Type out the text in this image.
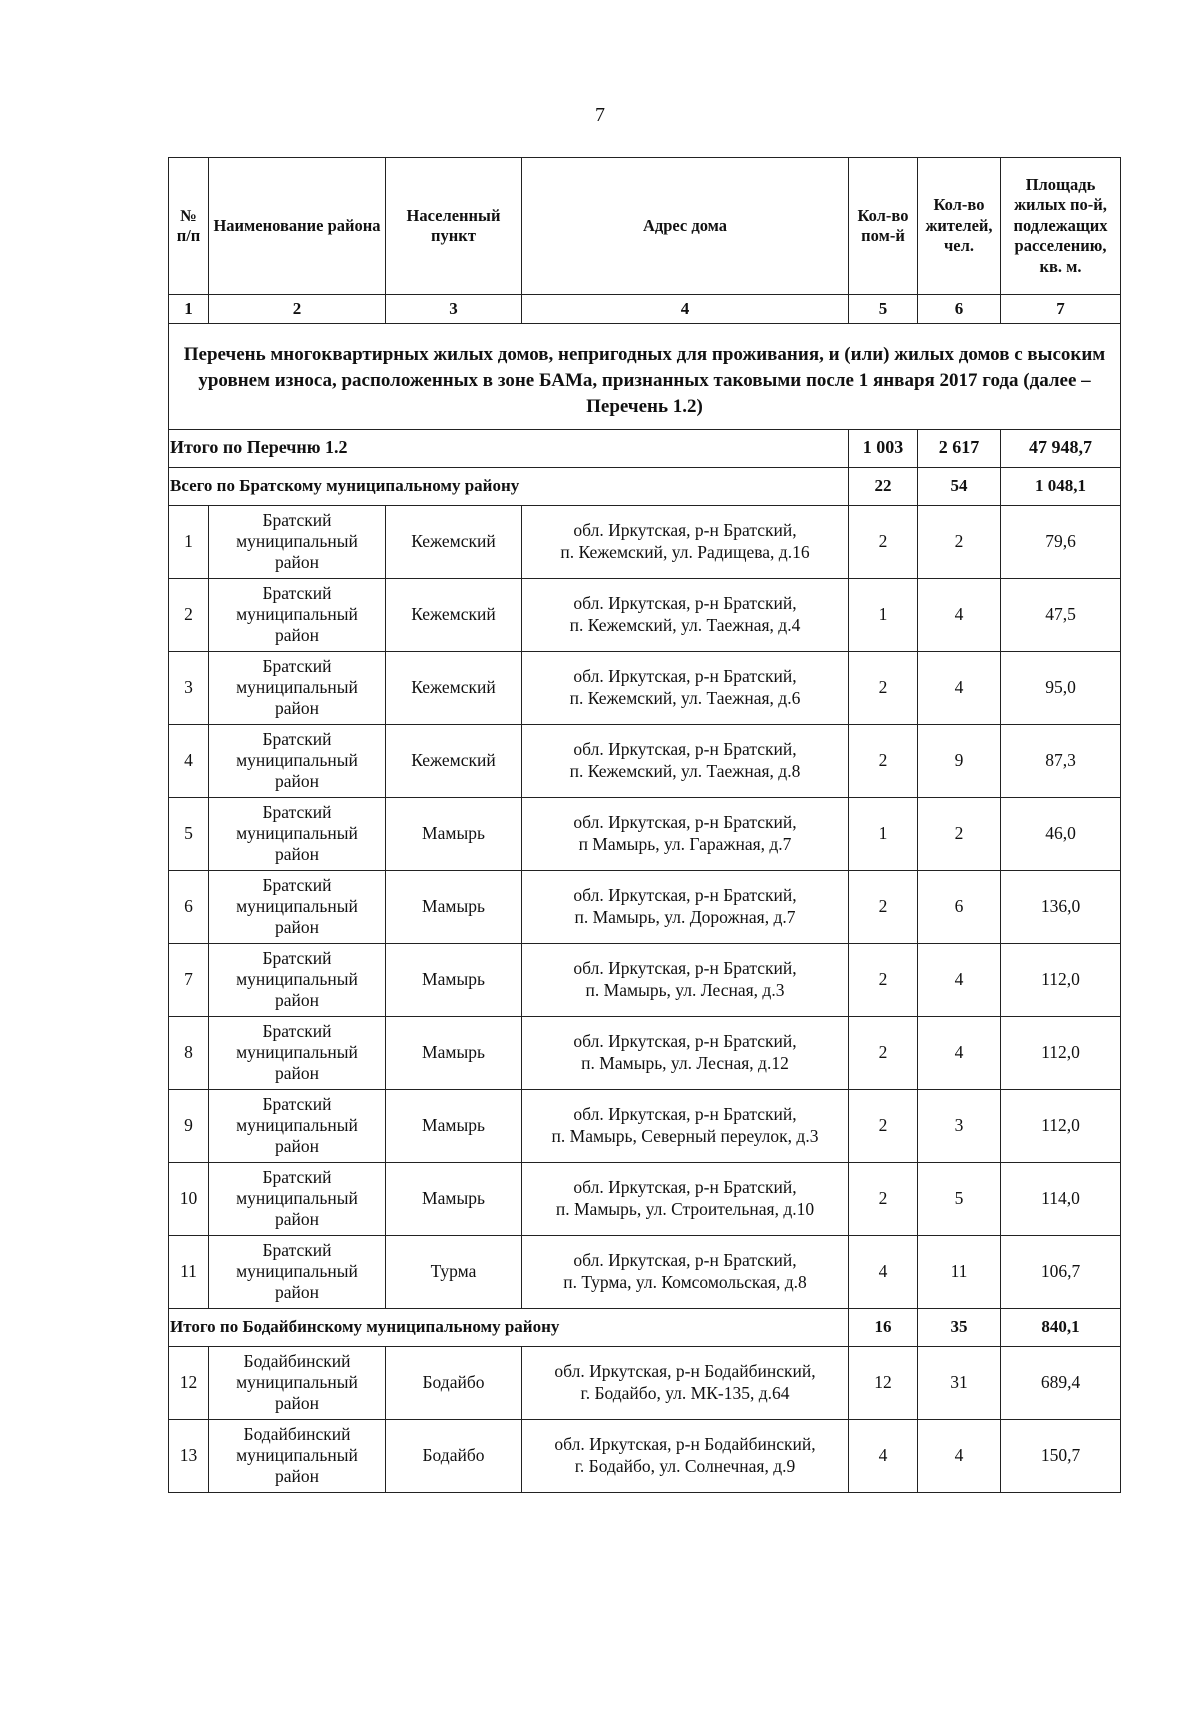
7
№ п/п	Наименование района	Населенный пункт	Адрес дома	Кол-во пом-й	Кол-во жителей, чел.	Площадь жилых по-й, подлежащих расселению, кв. м.
1	2	3	4	5	6	7

Перечень многоквартирных жилых домов, непригодных для проживания, и (или) жилых домов с высоким уровнем износа, расположенных в зоне БАМа, признанных таковыми после 1 января 2017 года (далее – Перечень 1.2)						
Итого по Перечню 1.2				1 003	2 617	47 948,7
Всего по Братскому муниципальному району				22	54	1 048,1
1	Братский
муниципальный
район	Кежемский	обл. Иркутская, р-н Братский,
п. Кежемский, ул. Радищева, д.16	2	2	79,6
2	Братский
муниципальный
район	Кежемский	обл. Иркутская, р-н Братский,
п. Кежемский, ул. Таежная, д.4	1	4	47,5
3	Братский
муниципальный
район	Кежемский	обл. Иркутская, р-н Братский,
п. Кежемский, ул. Таежная, д.6	2	4	95,0
4	Братский
муниципальный
район	Кежемский	обл. Иркутская, р-н Братский,
п. Кежемский, ул. Таежная, д.8	2	9	87,3
5	Братский
муниципальный
район	Мамырь	обл. Иркутская, р-н Братский,
п Мамырь, ул. Гаражная, д.7	1	2	46,0
6	Братский
муниципальный
район	Мамырь	обл. Иркутская, р-н Братский,
п. Мамырь, ул. Дорожная, д.7	2	6	136,0
7	Братский
муниципальный
район	Мамырь	обл. Иркутская, р-н Братский,
п. Мамырь, ул. Лесная, д.3	2	4	112,0
8	Братский
муниципальный
район	Мамырь	обл. Иркутская, р-н Братский,
п. Мамырь, ул. Лесная, д.12	2	4	112,0
9	Братский
муниципальный
район	Мамырь	обл. Иркутская, р-н Братский,
п. Мамырь, Северный переулок, д.3	2	3	112,0
10	Братский
муниципальный
район	Мамырь	обл. Иркутская, р-н Братский,
п. Мамырь, ул. Строительная, д.10	2	5	114,0
11	Братский
муниципальный
район	Турма	обл. Иркутская, р-н Братский,
п. Турма, ул. Комсомольская, д.8	4	11	106,7
Итого по Бодайбинскому муниципальному району				16	35	840,1
12	Бодайбинский
муниципальный
район	Бодайбо	обл. Иркутская, р-н Бодайбинский,
г. Бодайбо, ул. МК-135, д.64	12	31	689,4
13	Бодайбинский
муниципальный
район	Бодайбо	обл. Иркутская, р-н Бодайбинский,
г. Бодайбо, ул. Солнечная, д.9	4	4	150,7
